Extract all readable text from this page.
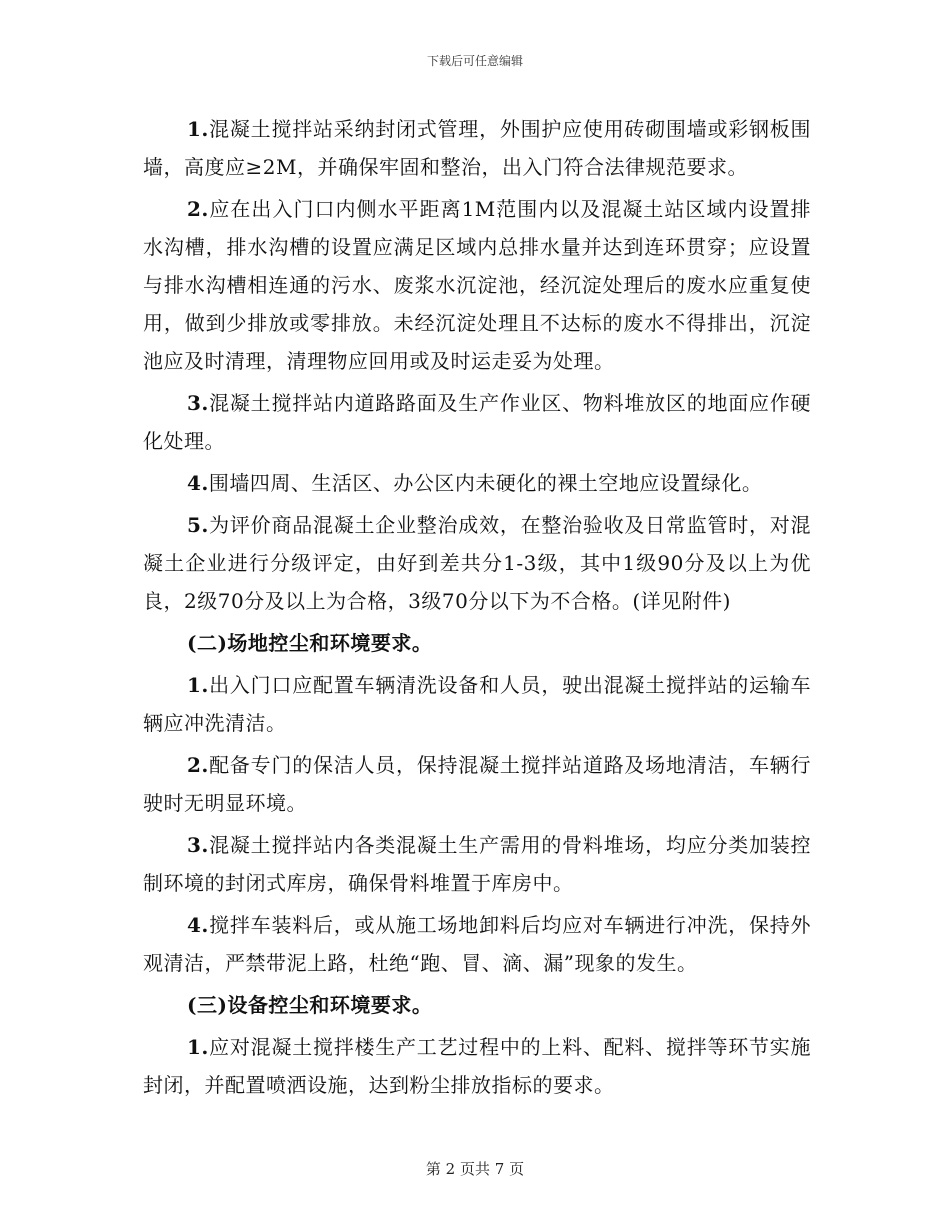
下载后可任意编辑

1.混凝土搅拌站采纳封闭式管理，外围护应使用砖砌围墙或彩钢板围墙，高度应≥2M，并确保牢固和整治，出入门符合法律规范要求。

2.应在出入门口内侧水平距离1M范围内以及混凝土站区域内设置排水沟槽，排水沟槽的设置应满足区域内总排水量并达到连环贯穿；应设置与排水沟槽相连通的污水、废浆水沉淀池，经沉淀处理后的废水应重复使用，做到少排放或零排放。未经沉淀处理且不达标的废水不得排出，沉淀池应及时清理，清理物应回用或及时运走妥为处理。

3.混凝土搅拌站内道路路面及生产作业区、物料堆放区的地面应作硬化处理。

4.围墙四周、生活区、办公区内未硬化的裸土空地应设置绿化。

5.为评价商品混凝土企业整治成效，在整治验收及日常监管时，对混凝土企业进行分级评定，由好到差共分1-3级，其中1级90分及以上为优良，2级70分及以上为合格，3级70分以下为不合格。(详见附件)

(二)场地控尘和环境要求。

1.出入门口应配置车辆清洗设备和人员，驶出混凝土搅拌站的运输车辆应冲洗清洁。

2.配备专门的保洁人员，保持混凝土搅拌站道路及场地清洁，车辆行驶时无明显环境。

3.混凝土搅拌站内各类混凝土生产需用的骨料堆场，均应分类加装控制环境的封闭式库房，确保骨料堆置于库房中。

4.搅拌车装料后，或从施工场地卸料后均应对车辆进行冲洗，保持外观清洁，严禁带泥上路，杜绝“跑、冒、滴、漏”现象的发生。

(三)设备控尘和环境要求。

1.应对混凝土搅拌楼生产工艺过程中的上料、配料、搅拌等环节实施封闭，并配置喷洒设施，达到粉尘排放指标的要求。

第 2 页共 7 页
